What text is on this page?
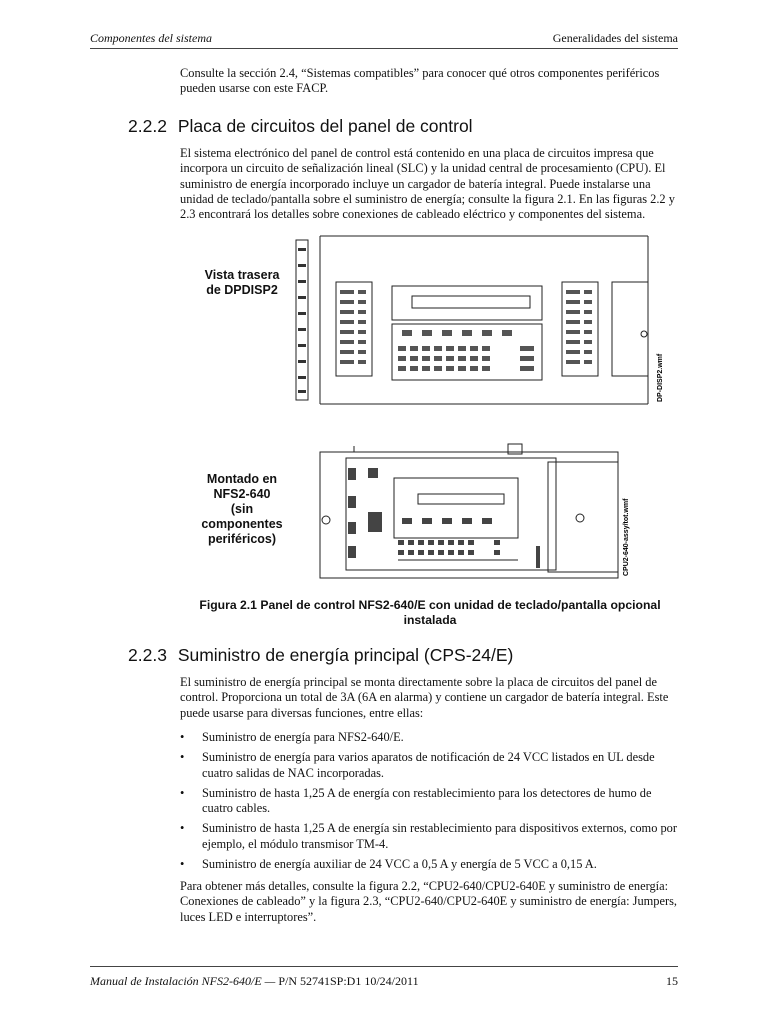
Componentes del sistema	Generalidades del sistema
Consulte la sección 2.4, “Sistemas compatibles” para conocer qué otros componentes periféricos pueden usarse con este FACP.
2.2.2 Placa de circuitos del panel de control
El sistema electrónico del panel de control está contenido en una placa de circuitos impresa que incorpora un circuito de señalización lineal (SLC) y la unidad central de procesamiento (CPU). El suministro de energía incorporado incluye un cargador de batería integral. Puede instalarse una unidad de teclado/pantalla sobre el suministro de energía; consulte la figura 2.1. En las figuras 2.2 y 2.3 encontrará los detalles sobre conexiones de cableado eléctrico y componentes del sistema.
Vista trasera
de DPDISP2
Montado en
NFS2-640
(sin
componentes
periféricos)
DP-DISP2.wmf
CPU2-640-assy/tot.wmf
Figura 2.1 Panel de control NFS2-640/E con unidad de teclado/pantalla opcional
instalada
2.2.3 Suministro de energía principal (CPS-24/E)
El suministro de energía principal se monta directamente sobre la placa de circuitos del panel de control. Proporciona un total de 3A (6A en alarma) y contiene un cargador de batería integral. Este puede usarse para diversas funciones, entre ellas:
• Suministro de energía para NFS2-640/E.
• Suministro de energía para varios aparatos de notificación de 24 VCC listados en UL desde cuatro salidas de NAC incorporadas.
• Suministro de hasta 1,25 A de energía con restablecimiento para los detectores de humo de cuatro cables.
• Suministro de hasta 1,25 A de energía sin restablecimiento para dispositivos externos, como por ejemplo, el módulo transmisor TM-4.
• Suministro de energía auxiliar de 24 VCC a 0,5 A y energía de 5 VCC a 0,15 A.
Para obtener más detalles, consulte la figura 2.2, “CPU2-640/CPU2-640E y suministro de energía: Conexiones de cableado” y la figura 2.3, “CPU2-640/CPU2-640E y suministro de energía: Jumpers, luces LED e interruptores”.
Manual de Instalación NFS2-640/E — P/N 52741SP:D1 10/24/2011	15
